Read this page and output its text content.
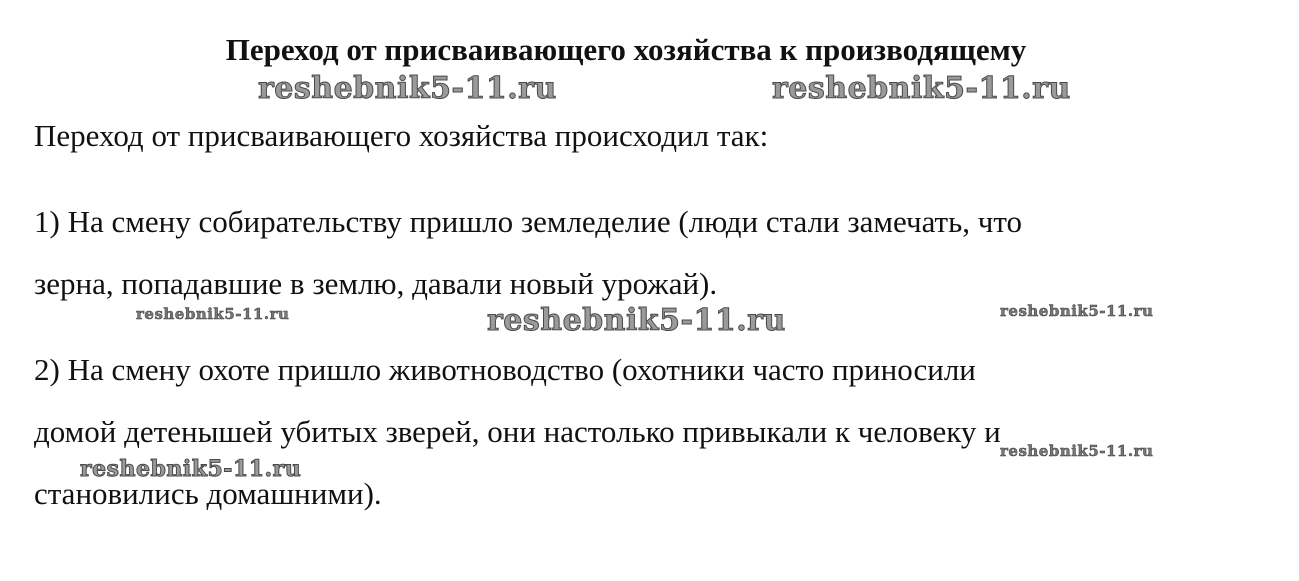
Переход от присваивающего хозяйства к производящему
reshebnik5-11.ru	reshebnik5-11.ru
Переход от присваивающего хозяйства происходил так:
1) На смену собирательству пришло земледелие (люди стали замечать, что
зерна, попадавшие в землю, давали новый урожай).
reshebnik5-11.ru	reshebnik5-11.ru	reshebnik5-11.ru
2) На смену охоте пришло животноводство (охотники часто приносили
домой детенышей убитых зверей, они настолько привыкали к человеку и
reshebnik5-11.ru
reshebnik5-11.ru
становились домашними).
